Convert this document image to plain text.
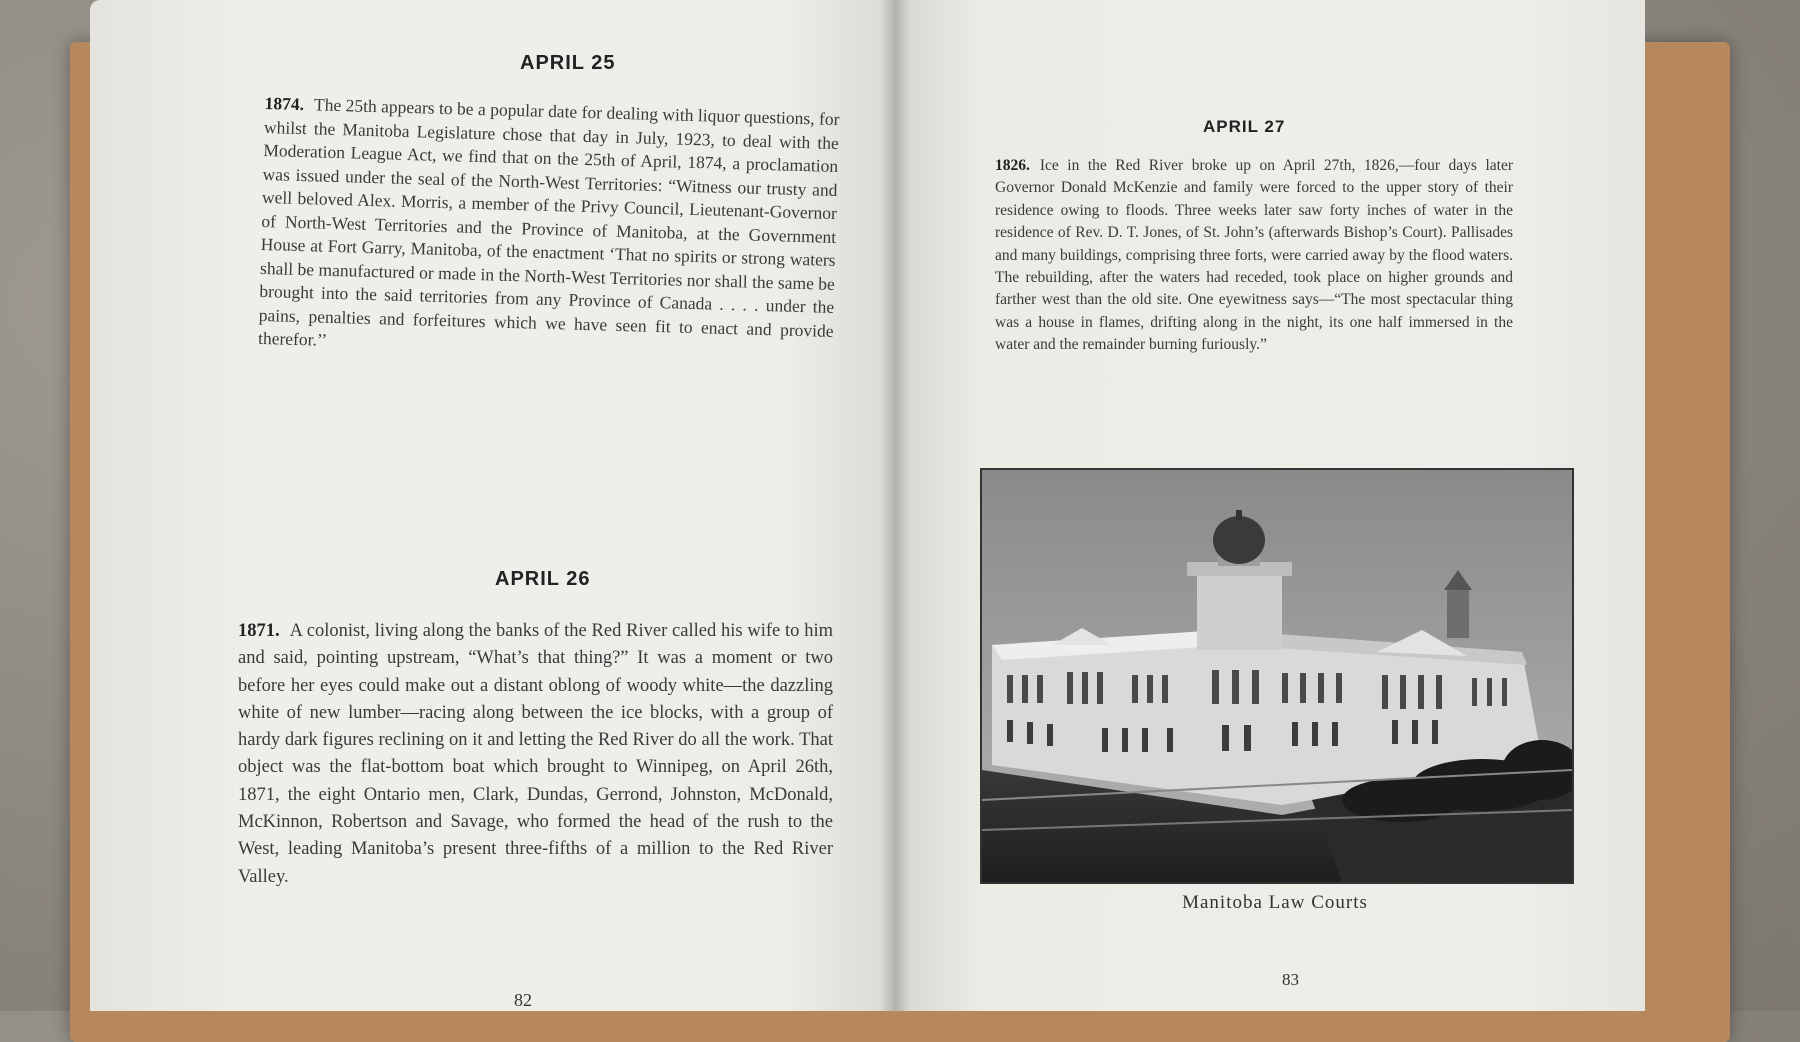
APRIL 25
1874. The 25th appears to be a popular date for dealing with liquor questions, for whilst the Manitoba Legislature chose that day in July, 1923, to deal with the Moderation League Act, we find that on the 25th of April, 1874, a proclamation was issued under the seal of the North-West Territories: “Witness our trusty and well beloved Alex. Morris, a member of the Privy Council, Lieutenant-Governor of North-West Territories and the Province of Manitoba, at the Government House at Fort Garry, Manitoba, of the enactment ‘That no spirits or strong waters shall be manufactured or made in the North-West Territories nor shall the same be brought into the said territories from any Province of Canada . . . . under the pains, penalties and forfeitures which we have seen fit to enact and provide therefor.’’
APRIL 26
1871. A colonist, living along the banks of the Red River called his wife to him and said, pointing upstream, “What’s that thing?” It was a moment or two before her eyes could make out a distant oblong of woody white—the dazzling white of new lumber—racing along between the ice blocks, with a group of hardy dark figures reclining on it and letting the Red River do all the work. That object was the flat-bottom boat which brought to Winnipeg, on April 26th, 1871, the eight Ontario men, Clark, Dundas, Gerrond, Johnston, McDonald, McKinnon, Robertson and Savage, who formed the head of the rush to the West, leading Manitoba’s present three-fifths of a million to the Red River Valley.
82
APRIL 27
1826. Ice in the Red River broke up on April 27th, 1826,—four days later Governor Donald McKenzie and family were forced to the upper story of their residence owing to floods. Three weeks later saw forty inches of water in the residence of Rev. D. T. Jones, of St. John’s (afterwards Bishop’s Court). Pallisades and many buildings, comprising three forts, were carried away by the flood waters. The rebuilding, after the waters had receded, took place on higher grounds and farther west than the old site. One eyewitness says—“The most spectacular thing was a house in flames, drifting along in the night, its one half immersed in the water and the remainder burning furiously.”
Manitoba Law Courts
83
